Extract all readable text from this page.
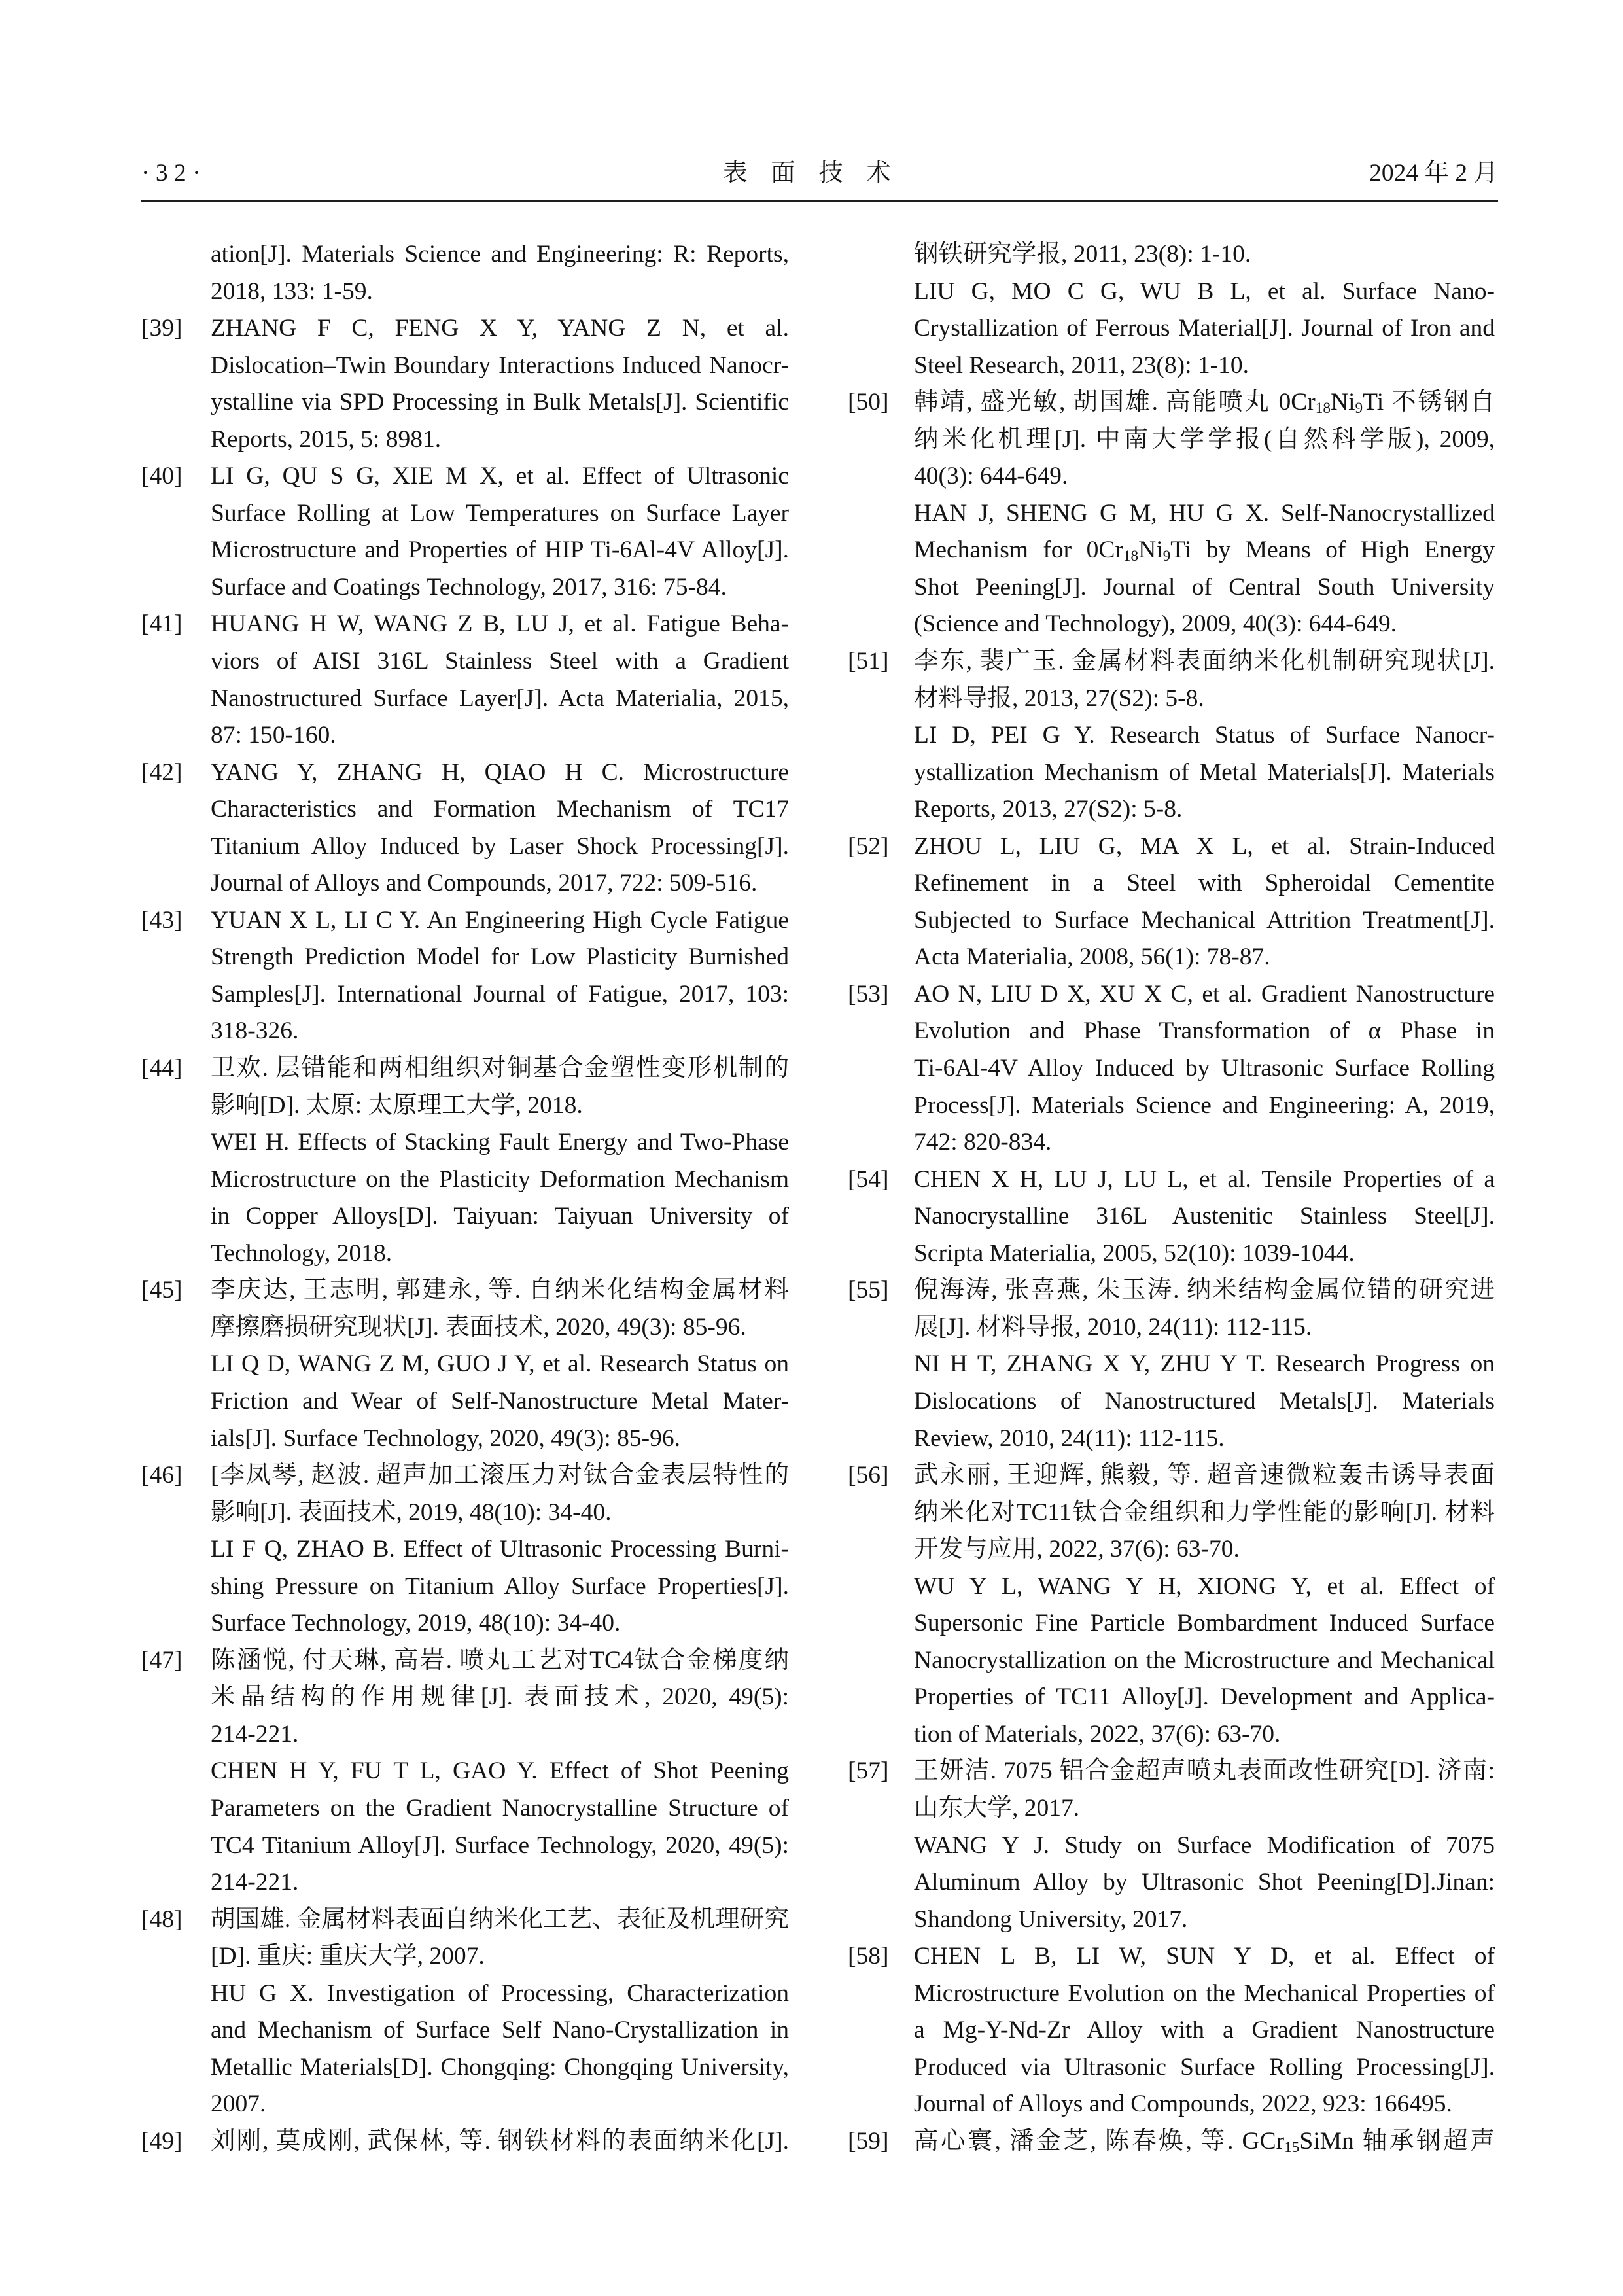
·32·	表 面 技 术	2024 年 2 月
ation[J]. Materials Science and Engineering: R: Reports,
2018, 133: 1-59.
[39] ZHANG F C, FENG X Y, YANG Z N, et al.
Dislocation–Twin Boundary Interactions Induced Nanocr-
ystalline via SPD Processing in Bulk Metals[J]. Scientific
Reports, 2015, 5: 8981.
[40] LI G, QU S G, XIE M X, et al. Effect of Ultrasonic
Surface Rolling at Low Temperatures on Surface Layer
Microstructure and Properties of HIP Ti-6Al-4V Alloy[J].
Surface and Coatings Technology, 2017, 316: 75-84.
[41] HUANG H W, WANG Z B, LU J, et al. Fatigue Beha-
viors of AISI 316L Stainless Steel with a Gradient
Nanostructured Surface Layer[J]. Acta Materialia, 2015,
87: 150-160.
[42] YANG Y, ZHANG H, QIAO H C. Microstructure
Characteristics and Formation Mechanism of TC17
Titanium Alloy Induced by Laser Shock Processing[J].
Journal of Alloys and Compounds, 2017, 722: 509-516.
[43] YUAN X L, LI C Y. An Engineering High Cycle Fatigue
Strength Prediction Model for Low Plasticity Burnished
Samples[J]. International Journal of Fatigue, 2017, 103:
318-326.
[44] 卫欢. 层错能和两相组织对铜基合金塑性变形机制的
影响[D]. 太原: 太原理工大学, 2018.
WEI H. Effects of Stacking Fault Energy and Two-Phase
Microstructure on the Plasticity Deformation Mechanism
in Copper Alloys[D]. Taiyuan: Taiyuan University of
Technology, 2018.
[45] 李庆达, 王志明, 郭建永, 等. 自纳米化结构金属材料
摩擦磨损研究现状[J]. 表面技术, 2020, 49(3): 85-96.
LI Q D, WANG Z M, GUO J Y, et al. Research Status on
Friction and Wear of Self-Nanostructure Metal Mater-
ials[J]. Surface Technology, 2020, 49(3): 85-96.
[46] [李凤琴, 赵波. 超声加工滚压力对钛合金表层特性的
影响[J]. 表面技术, 2019, 48(10): 34-40.
LI F Q, ZHAO B. Effect of Ultrasonic Processing Burni-
shing Pressure on Titanium Alloy Surface Properties[J].
Surface Technology, 2019, 48(10): 34-40.
[47] 陈涵悦, 付天琳, 高岩. 喷丸工艺对TC4钛合金梯度纳
米晶结构的作用规律[J]. 表面技术, 2020, 49(5):
214-221.
CHEN H Y, FU T L, GAO Y. Effect of Shot Peening
Parameters on the Gradient Nanocrystalline Structure of
TC4 Titanium Alloy[J]. Surface Technology, 2020, 49(5):
214-221.
[48] 胡国雄. 金属材料表面自纳米化工艺、表征及机理研究
[D]. 重庆: 重庆大学, 2007.
HU G X. Investigation of Processing, Characterization
and Mechanism of Surface Self Nano-Crystallization in
Metallic Materials[D]. Chongqing: Chongqing University,
2007.
[49] 刘刚, 莫成刚, 武保林, 等. 钢铁材料的表面纳米化[J].
钢铁研究学报, 2011, 23(8): 1-10.
LIU G, MO C G, WU B L, et al. Surface Nano-
Crystallization of Ferrous Material[J]. Journal of Iron and
Steel Research, 2011, 23(8): 1-10.
[50] 韩靖, 盛光敏, 胡国雄. 高能喷丸 $0Cr_{18}Ni_9Ti$ 不锈钢自
纳米化机理[J]. 中南大学学报(自然科学版), 2009,
40(3): 644-649.
HAN J, SHENG G M, HU G X. Self-Nanocrystallized
Mechanism for $0Cr_{18}Ni_9Ti$ by Means of High Energy
Shot Peening[J]. Journal of Central South University
(Science and Technology), 2009, 40(3): 644-649.
[51] 李东, 裴广玉. 金属材料表面纳米化机制研究现状[J].
材料导报, 2013, 27(S2): 5-8.
LI D, PEI G Y. Research Status of Surface Nanocr-
ystallization Mechanism of Metal Materials[J]. Materials
Reports, 2013, 27(S2): 5-8.
[52] ZHOU L, LIU G, MA X L, et al. Strain-Induced
Refinement in a Steel with Spheroidal Cementite
Subjected to Surface Mechanical Attrition Treatment[J].
Acta Materialia, 2008, 56(1): 78-87.
[53] AO N, LIU D X, XU X C, et al. Gradient Nanostructure
Evolution and Phase Transformation of α Phase in
Ti-6Al-4V Alloy Induced by Ultrasonic Surface Rolling
Process[J]. Materials Science and Engineering: A, 2019,
742: 820-834.
[54] CHEN X H, LU J, LU L, et al. Tensile Properties of a
Nanocrystalline 316L Austenitic Stainless Steel[J].
Scripta Materialia, 2005, 52(10): 1039-1044.
[55] 倪海涛, 张喜燕, 朱玉涛. 纳米结构金属位错的研究进
展[J]. 材料导报, 2010, 24(11): 112-115.
NI H T, ZHANG X Y, ZHU Y T. Research Progress on
Dislocations of Nanostructured Metals[J]. Materials
Review, 2010, 24(11): 112-115.
[56] 武永丽, 王迎辉, 熊毅, 等. 超音速微粒轰击诱导表面
纳米化对TC11钛合金组织和力学性能的影响[J]. 材料
开发与应用, 2022, 37(6): 63-70.
WU Y L, WANG Y H, XIONG Y, et al. Effect of
Supersonic Fine Particle Bombardment Induced Surface
Nanocrystallization on the Microstructure and Mechanical
Properties of TC11 Alloy[J]. Development and Applica-
tion of Materials, 2022, 37(6): 63-70.
[57] 王妍洁. 7075 铝合金超声喷丸表面改性研究[D]. 济南:
山东大学, 2017.
WANG Y J. Study on Surface Modification of 7075
Aluminum Alloy by Ultrasonic Shot Peening[D].Jinan:
Shandong University, 2017.
[58] CHEN L B, LI W, SUN Y D, et al. Effect of
Microstructure Evolution on the Mechanical Properties of
a Mg-Y-Nd-Zr Alloy with a Gradient Nanostructure
Produced via Ultrasonic Surface Rolling Processing[J].
Journal of Alloys and Compounds, 2022, 923: 166495.
[59] 高心寰, 潘金芝, 陈春焕, 等. GCr$_{15}$SiMn 轴承钢超声
